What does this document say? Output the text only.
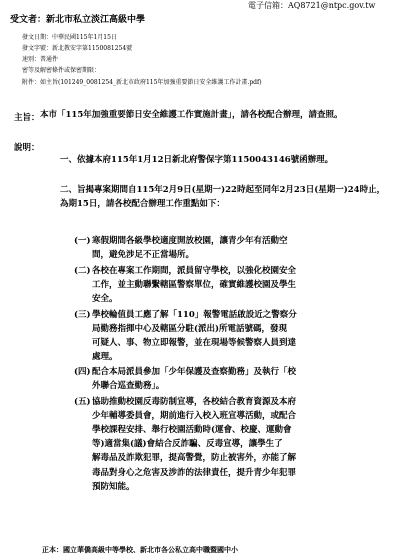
電子信箱：AQ8721@ntpc.gov.tw
受文者：新北市私立淡江高級中學
發文日期：中華民國115年1月15日
發文字號：新北教安字第1150081254號
速別：普通件
密等及解密條件或保密期限：
附件：如主旨(101249_0081254_新北市政府115年加強重要節日安全維護工作計畫.pdf)
主旨： 本市「115年加強重要節日安全維護工作實施計畫」，請各校配合辦理，請查照。
說明：
一、依據本府115年1月12日新北府警保字第1150043146號函辦理。
二、旨揭專案期間自115年2月9日(星期一)22時起至同年2月23日(星期一)24時止，為期15日，請各校配合辦理工作重點如下：
(一) 寒假期間各級學校適度開放校園，讓青少年有活動空
間，避免涉足不正當場所。
(二) 各校在專案工作期間，派員留守學校，以強化校園安全
工作，並主動聯繫轄區警察單位，確實維護校園及學生
安全。
(三) 學校輪值員工應了解「110」報警電話啟設近之警察分
局勤務指揮中心及轄區分駐(派出)所電話號碼，發現
可疑人、事、物立即報警，並在現場等候警察人員到達
處理。
(四) 配合本局派員參加「少年保護及查察勤務」及執行「校
外聯合巡查勤務」。
(五) 協助推動校園反毒防制宣導，各校結合教育資源及本府
少年輔導委員會，期前進行入校入班宣導活動，或配合
學校課程安排、舉行校園活動時(運會、校慶、運動會
等)適當集(議)會結合反詐騙、反毒宣導，讓學生了
解毒品及詐欺犯罪，提高警覺，防止被害外，亦能了解
毒品對身心之危害及涉詐的法律責任，提升青少年犯罪
預防知能。
正本：國立華僑高級中等學校、新北市各公私立高中職暨國中小
